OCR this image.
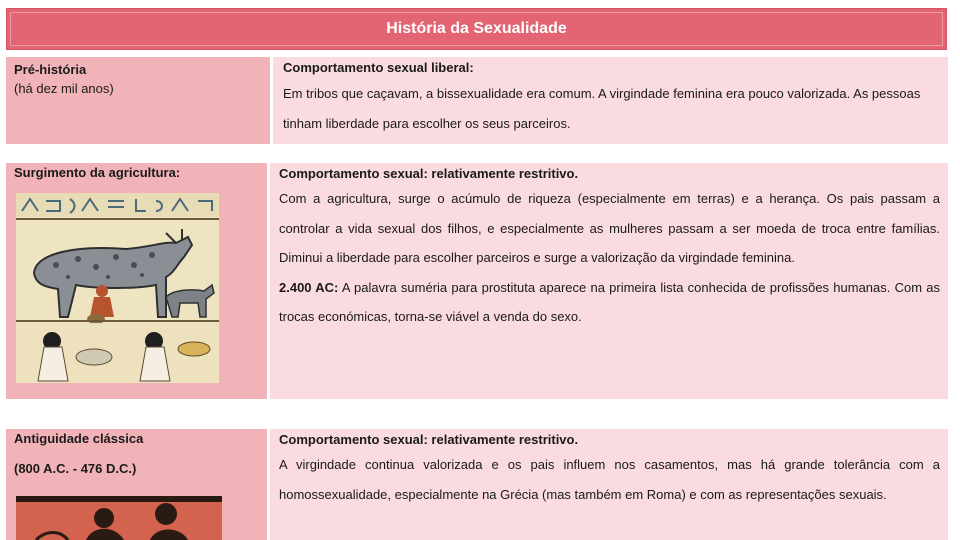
História da Sexualidade
Pré-história
(há dez mil anos)

Comportamento sexual liberal:

Em tribos que caçavam, a bissexualidade era comum. A virgindade feminina era pouco valorizada. As pessoas tinham liberdade para escolher os seus parceiros.

Surgimento da agricultura:	Comportamento sexual: relativamente restritivo.

Com a agricultura, surge o acúmulo de riqueza (especialmente em terras) e a herança. Os pais passam a controlar a vida sexual dos filhos, e especialmente as mulheres passam a ser moeda de troca entre famílias. Diminui a liberdade para escolher parceiros e surge a valorização da virgindade feminina.

2.400 AC: A palavra suméria para prostituta aparece na primeira lista conhecida de profissões humanas. Com as trocas económicas, torna-se viável a venda do sexo.

Antiguidade clássica
(800 A.C. - 476 D.C.)

Comportamento sexual: relativamente restritivo.

A virgindade continua valorizada e os pais influem nos casamentos, mas há grande tolerância com a homossexualidade, especialmente na Grécia (mas também em Roma) e com as representações sexuais.
